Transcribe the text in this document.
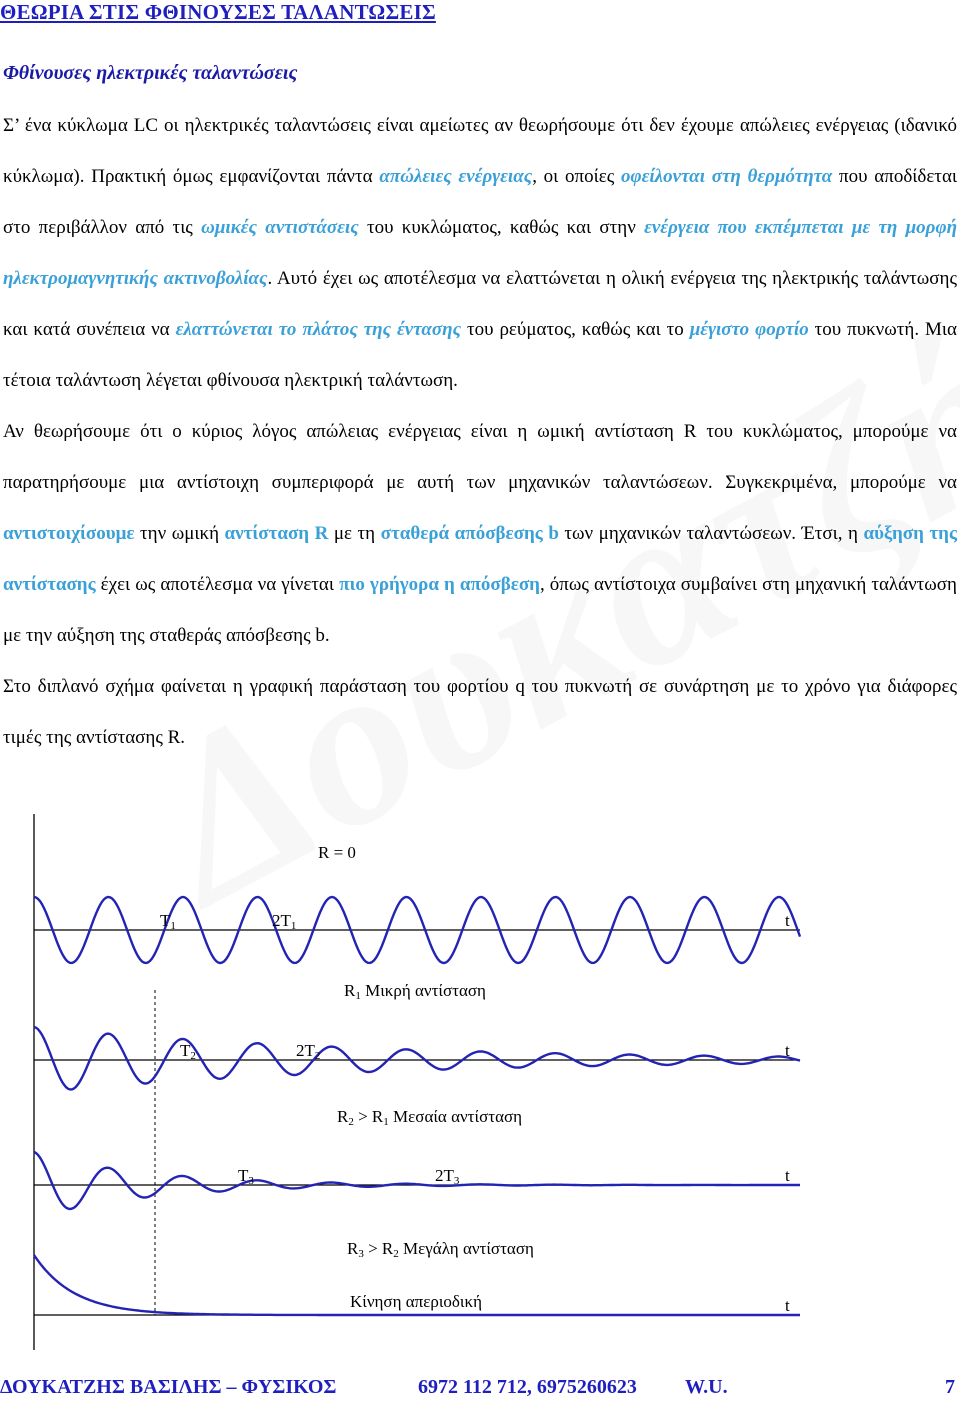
ΘΕΩΡΙΑ ΣΤΙΣ ΦΘΙΝΟΥΣΕΣ ΤΑΛΑΝΤΩΣΕΙΣ
Φθίνουσες ηλεκτρικές ταλαντώσεις

Σ’ ένα κύκλωμα LC οι ηλεκτρικές ταλαντώσεις είναι αμείωτες αν θεωρήσουμε ότι δεν έχουμε απώλειες ενέργειας (ιδανικό κύκλωμα). Πρακτική όμως εμφανίζονται πάντα απώλειες ενέργειας, οι οποίες οφείλονται στη θερμότητα που αποδίδεται στο περιβάλλον από τις ωμικές αντιστάσεις του κυκλώματος, καθώς και στην ενέργεια που εκπέμπεται με τη μορφή ηλεκτρομαγνητικής ακτινοβολίας. Αυτό έχει ως αποτέλεσμα να ελαττώνεται η ολική ενέργεια της ηλεκτρικής ταλάντωσης και κατά συνέπεια να ελαττώνεται το πλάτος της έντασης του ρεύματος, καθώς και το μέγιστο φορτίο του πυκνωτή. Μια τέτοια ταλάντωση λέγεται φθίνουσα ηλεκτρική ταλάντωση.

Αν θεωρήσουμε ότι ο κύριος λόγος απώλειας ενέργειας είναι η ωμική αντίσταση R του κυκλώματος, μπορούμε να παρατηρήσουμε μια αντίστοιχη συμπεριφορά με αυτή των μηχανικών ταλαντώσεων. Συγκεκριμένα, μπορούμε να αντιστοιχίσουμε την ωμική αντίσταση R με τη σταθερά απόσβεσης b των μηχανικών ταλαντώσεων. Έτσι, η αύξηση της αντίστασης έχει ως αποτέλεσμα να γίνεται πιο γρήγορα η απόσβεση, όπως αντίστοιχα συμβαίνει στη μηχανική ταλάντωση με την αύξηση της σταθεράς απόσβεσης b.

Στο διπλανό σχήμα φαίνεται η γραφική παράσταση του φορτίου q του πυκνωτή σε συνάρτηση με το χρόνο για διάφορες τιμές της αντίστασης R.

R = 0
T1	2T1	t
R1 Μικρή αντίσταση
T2	2T2	t
R2 > R1 Μεσαία αντίσταση
T3	2T3	t
R3 > R2 Μεγάλη αντίσταση
t
Κίνηση απεριοδική
ΔΟΥΚΑΤΖΗΣ ΒΑΣΙΛΗΣ – ΦΥΣΙΚΟΣ	6972 112 712, 6975260623 W.U.	7
